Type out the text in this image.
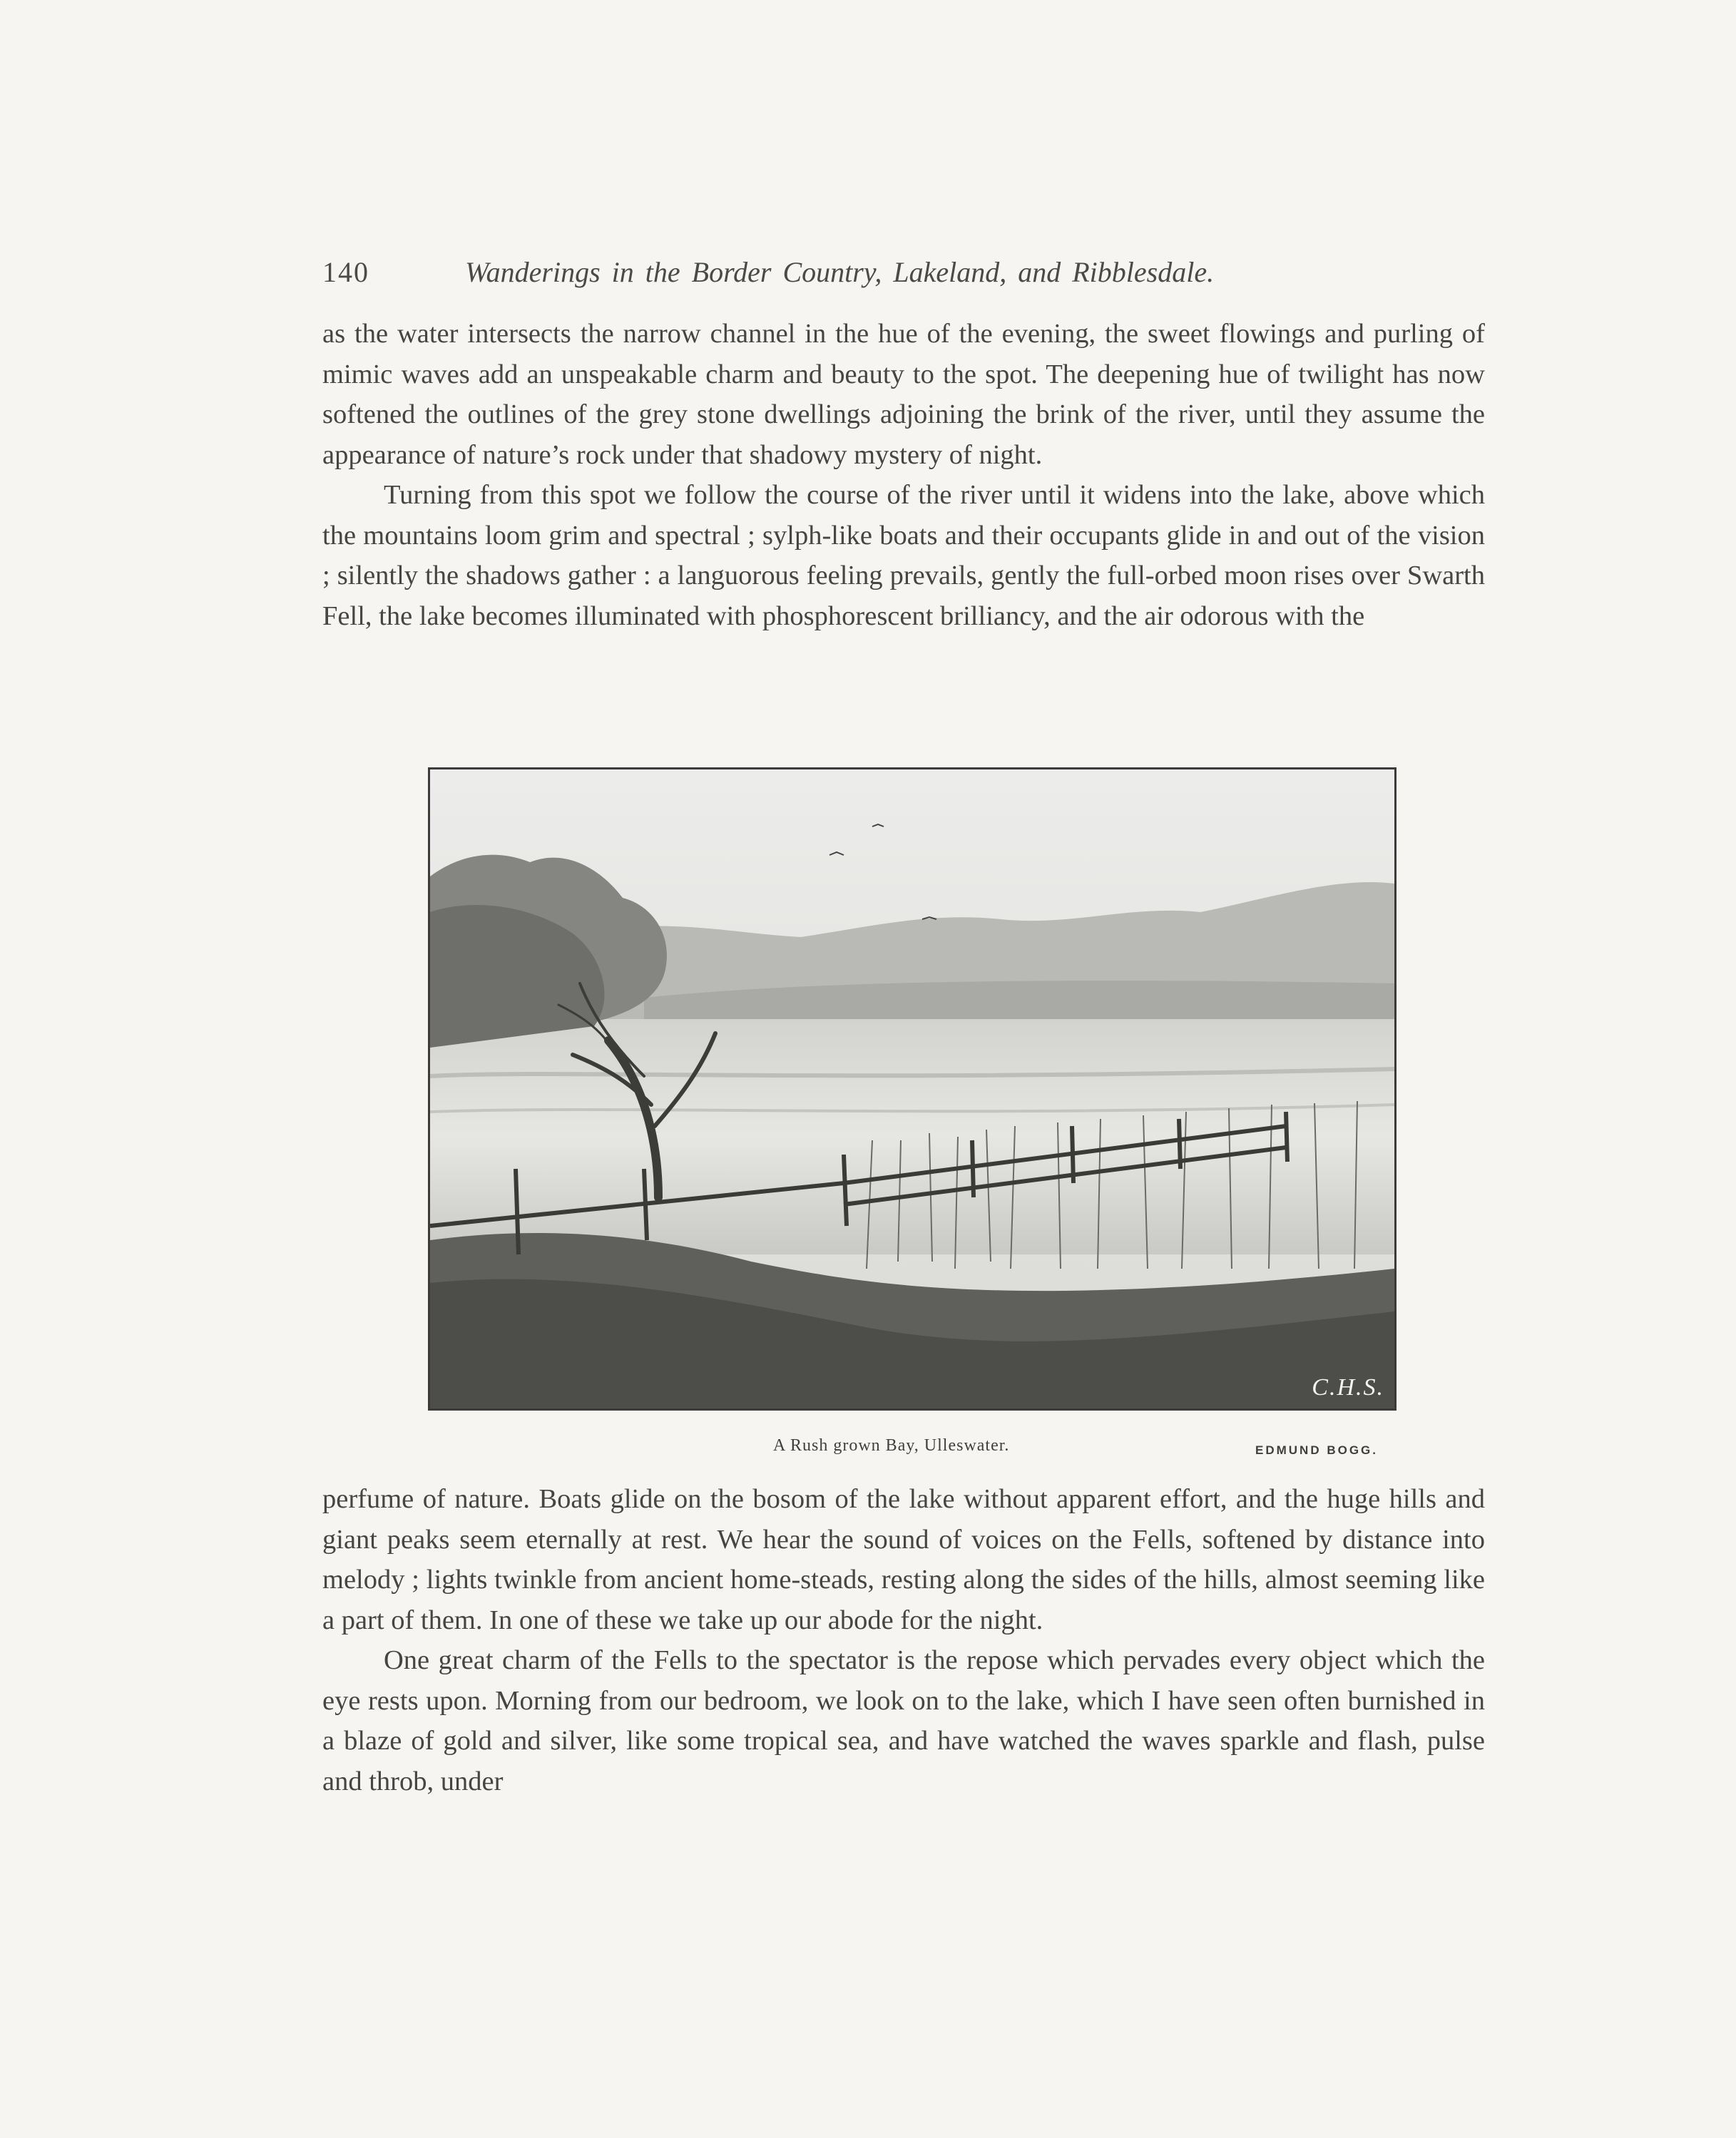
140	Wanderings in the Border Country, Lakeland, and Ribblesdale.

as the water intersects the narrow channel in the hue of the evening, the sweet flowings and purling of mimic waves add an unspeakable charm and beauty to the spot. The deepening hue of twilight has now softened the outlines of the grey stone dwellings adjoining the brink of the river, until they assume the appearance of nature’s rock under that shadowy mystery of night.

Turning from this spot we follow the course of the river until it widens into the lake, above which the mountains loom grim and spectral ; sylph-like boats and their occupants glide in and out of the vision ; silently the shadows gather : a languorous feeling prevails, gently the full-orbed moon rises over Swarth Fell, the lake becomes illuminated with phosphorescent brilliancy, and the air odorous with the

C.H.S.
A Rush grown Bay, Ulleswater.	EDMUND BOGG.

perfume of nature. Boats glide on the bosom of the lake without apparent effort, and the huge hills and giant peaks seem eternally at rest. We hear the sound of voices on the Fells, softened by distance into melody ; lights twinkle from ancient home-steads, resting along the sides of the hills, almost seeming like a part of them. In one of these we take up our abode for the night.

One great charm of the Fells to the spectator is the repose which pervades every object which the eye rests upon. Morning from our bedroom, we look on to the lake, which I have seen often burnished in a blaze of gold and silver, like some tropical sea, and have watched the waves sparkle and flash, pulse and throb, under
